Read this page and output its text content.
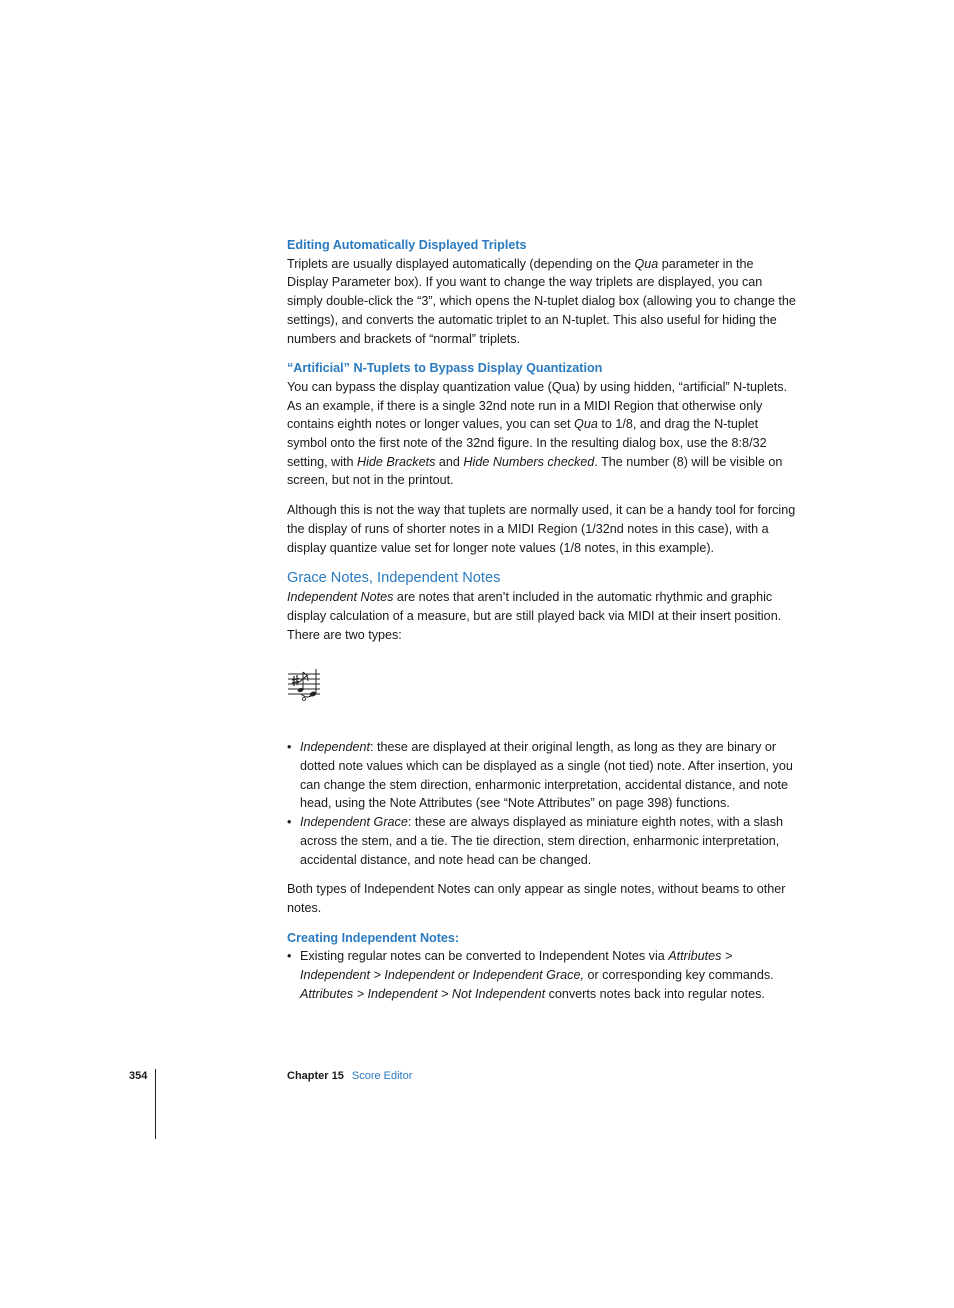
Editing Automatically Displayed Triplets

Triplets are usually displayed automatically (depending on the Qua parameter in the Display Parameter box). If you want to change the way triplets are displayed, you can simply double-click the “3”, which opens the N-tuplet dialog box (allowing you to change the settings), and converts the automatic triplet to an N-tuplet. This also useful for hiding the numbers and brackets of “normal” triplets.

“Artificial” N-Tuplets to Bypass Display Quantization

You can bypass the display quantization value (Qua) by using hidden, “artificial” N-tuplets. As an example, if there is a single 32nd note run in a MIDI Region that otherwise only contains eighth notes or longer values, you can set Qua to 1/8, and drag the N-tuplet symbol onto the first note of the 32nd figure. In the resulting dialog box, use the 8:8/32 setting, with Hide Brackets and Hide Numbers checked. The number (8) will be visible on screen, but not in the printout.

Although this is not the way that tuplets are normally used, it can be a handy tool for forcing the display of runs of shorter notes in a MIDI Region (1/32nd notes in this case), with a display quantize value set for longer note values (1/8 notes, in this example).

Grace Notes, Independent Notes

Independent Notes are notes that aren’t included in the automatic rhythmic and graphic display calculation of a measure, but are still played back via MIDI at their insert position. There are two types:

• Independent: these are displayed at their original length, as long as they are binary or dotted note values which can be displayed as a single (not tied) note. After insertion, you can change the stem direction, enharmonic interpretation, accidental distance, and note head, using the Note Attributes (see “Note Attributes” on page 398) functions.
• Independent Grace: these are always displayed as miniature eighth notes, with a slash across the stem, and a tie. The tie direction, stem direction, enharmonic interpretation, accidental distance, and note head can be changed.

Both types of Independent Notes can only appear as single notes, without beams to other notes.

Creating Independent Notes:
• Existing regular notes can be converted to Independent Notes via Attributes > Independent > Independent or Independent Grace, or corresponding key commands. Attributes > Independent > Not Independent converts notes back into regular notes.
354	Chapter 15 Score Editor
